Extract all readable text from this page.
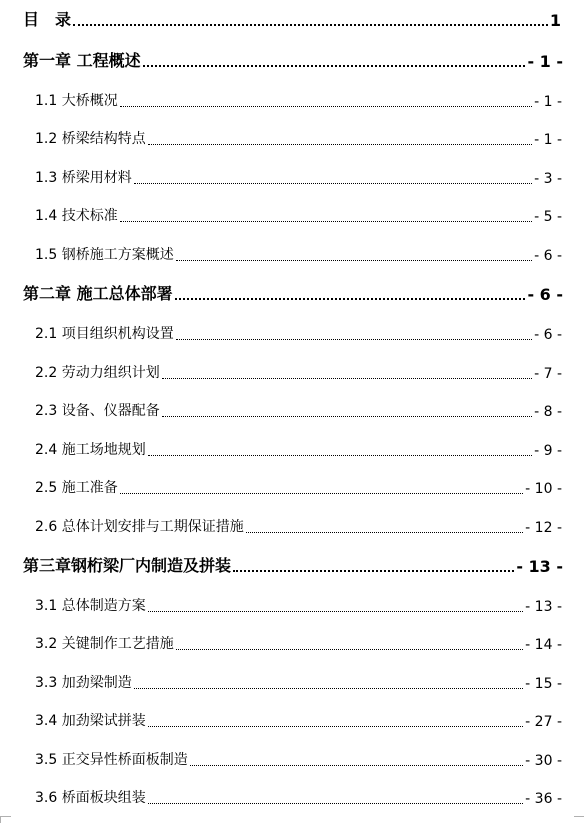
目　录	1
第一章 工程概述	- 1 -
1.1 大桥概况	- 1 -
1.2 桥梁结构特点	- 1 -
1.3 桥梁用材料	- 3 -
1.4 技术标准	- 5 -
1.5 钢桥施工方案概述	- 6 -
第二章 施工总体部署	- 6 -
2.1 项目组织机构设置	- 6 -
2.2 劳动力组织计划	- 7 -
2.3 设备、仪器配备	- 8 -
2.4 施工场地规划	- 9 -
2.5 施工准备	- 10 -
2.6 总体计划安排与工期保证措施	- 12 -
第三章钢桁梁厂内制造及拼装	- 13 -
3.1 总体制造方案	- 13 -
3.2 关键制作工艺措施	- 14 -
3.3 加劲梁制造	- 15 -
3.4 加劲梁试拼装	- 27 -
3.5 正交异性桥面板制造	- 30 -
3.6 桥面板块组装	- 36 -
